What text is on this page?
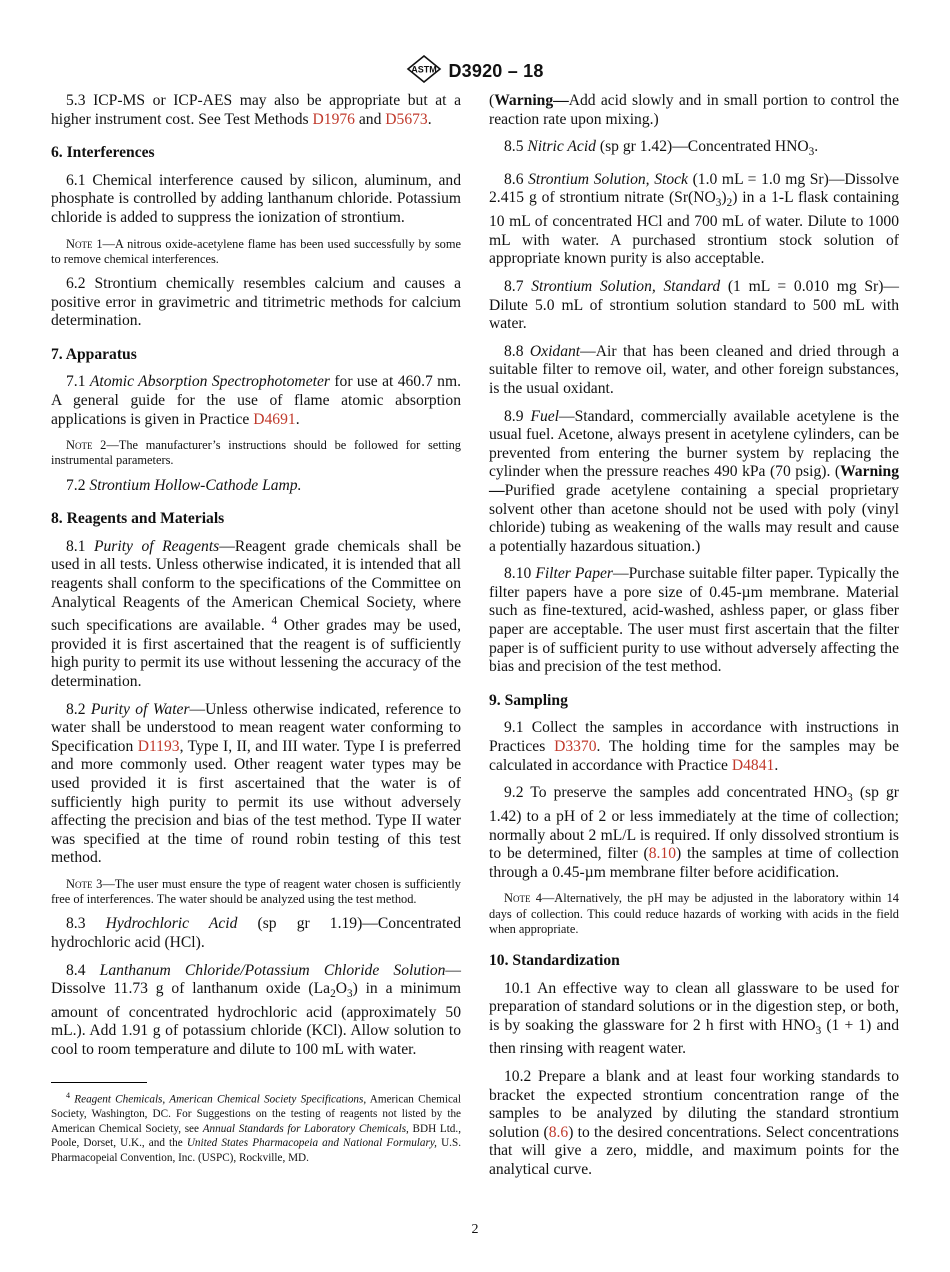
ASTM D3920 – 18

5.3 ICP-MS or ICP-AES may also be appropriate but at a higher instrument cost. See Test Methods D1976 and D5673.

6. Interferences

6.1 Chemical interference caused by silicon, aluminum, and phosphate is controlled by adding lanthanum chloride. Potassium chloride is added to suppress the ionization of strontium.

Note 1—A nitrous oxide-acetylene flame has been used successfully by some to remove chemical interferences.

6.2 Strontium chemically resembles calcium and causes a positive error in gravimetric and titrimetric methods for calcium determination.

7. Apparatus

7.1 Atomic Absorption Spectrophotometer for use at 460.7 nm. A general guide for the use of flame atomic absorption applications is given in Practice D4691.

Note 2—The manufacturer’s instructions should be followed for setting instrumental parameters.

7.2 Strontium Hollow-Cathode Lamp.

8. Reagents and Materials

8.1 Purity of Reagents—Reagent grade chemicals shall be used in all tests. Unless otherwise indicated, it is intended that all reagents shall conform to the specifications of the Committee on Analytical Reagents of the American Chemical Society, where such specifications are available. $^4$ Other grades may be used, provided it is first ascertained that the reagent is of sufficiently high purity to permit its use without lessening the accuracy of the determination.

8.2 Purity of Water—Unless otherwise indicated, reference to water shall be understood to mean reagent water conforming to Specification D1193, Type I, II, and III water. Type I is preferred and more commonly used. Other reagent water types may be used provided it is first ascertained that the water is of sufficiently high purity to permit its use without adversely affecting the precision and bias of the test method. Type II water was specified at the time of round robin testing of this test method.

Note 3—The user must ensure the type of reagent water chosen is sufficiently free of interferences. The water should be analyzed using the test method.

8.3 Hydrochloric Acid (sp gr 1.19)—Concentrated hydrochloric acid (HCl).

8.4 Lanthanum Chloride/Potassium Chloride Solution—Dissolve 11.73 g of lanthanum oxide $(La_2O_3)$ in a minimum amount of concentrated hydrochloric acid (approximately 50 mL.). Add 1.91 g of potassium chloride (KCl). Allow solution to cool to room temperature and dilute to 100 mL with water.

$^4$ Reagent Chemicals, American Chemical Society Specifications, American Chemical Society, Washington, DC. For Suggestions on the testing of reagents not listed by the American Chemical Society, see Annual Standards for Laboratory Chemicals, BDH Ltd., Poole, Dorset, U.K., and the United States Pharmacopeia and National Formulary, U.S. Pharmacopeial Convention, Inc. (USPC), Rockville, MD.

(Warning—Add acid slowly and in small portion to control the reaction rate upon mixing.)

8.5 Nitric Acid (sp gr 1.42)—Concentrated $HNO_3$.

8.6 Strontium Solution, Stock (1.0 mL = 1.0 mg Sr)—Dissolve 2.415 g of strontium nitrate $(Sr(NO_3)_2)$ in a 1-L flask containing 10 mL of concentrated HCl and 700 mL of water. Dilute to 1000 mL with water. A purchased strontium stock solution of appropriate known purity is also acceptable.

8.7 Strontium Solution, Standard (1 mL = 0.010 mg Sr)—Dilute 5.0 mL of strontium solution standard to 500 mL with water.

8.8 Oxidant—Air that has been cleaned and dried through a suitable filter to remove oil, water, and other foreign substances, is the usual oxidant.

8.9 Fuel—Standard, commercially available acetylene is the usual fuel. Acetone, always present in acetylene cylinders, can be prevented from entering the burner system by replacing the cylinder when the pressure reaches 490 kPa (70 psig). (Warning—Purified grade acetylene containing a special proprietary solvent other than acetone should not be used with poly (vinyl chloride) tubing as weakening of the walls may result and cause a potentially hazardous situation.)

8.10 Filter Paper—Purchase suitable filter paper. Typically the filter papers have a pore size of 0.45-µm membrane. Material such as fine-textured, acid-washed, ashless paper, or glass fiber paper are acceptable. The user must first ascertain that the filter paper is of sufficient purity to use without adversely affecting the bias and precision of the test method.

9. Sampling

9.1 Collect the samples in accordance with instructions in Practices D3370. The holding time for the samples may be calculated in accordance with Practice D4841.

9.2 To preserve the samples add concentrated $HNO_3$ (sp gr 1.42) to a pH of 2 or less immediately at the time of collection; normally about 2 mL/L is required. If only dissolved strontium is to be determined, filter (8.10) the samples at time of collection through a 0.45-µm membrane filter before acidification.

Note 4—Alternatively, the pH may be adjusted in the laboratory within 14 days of collection. This could reduce hazards of working with acids in the field when appropriate.
10. Standardization

10.1 An effective way to clean all glassware to be used for preparation of standard solutions or in the digestion step, or both, is by soaking the glassware for 2 h first with $HNO_3$ (1 + 1) and then rinsing with reagent water.

10.2 Prepare a blank and at least four working standards to bracket the expected strontium concentration range of the samples to be analyzed by diluting the standard strontium solution (8.6) to the desired concentrations. Select concentrations that will give a zero, middle, and maximum points for the analytical curve.

2
